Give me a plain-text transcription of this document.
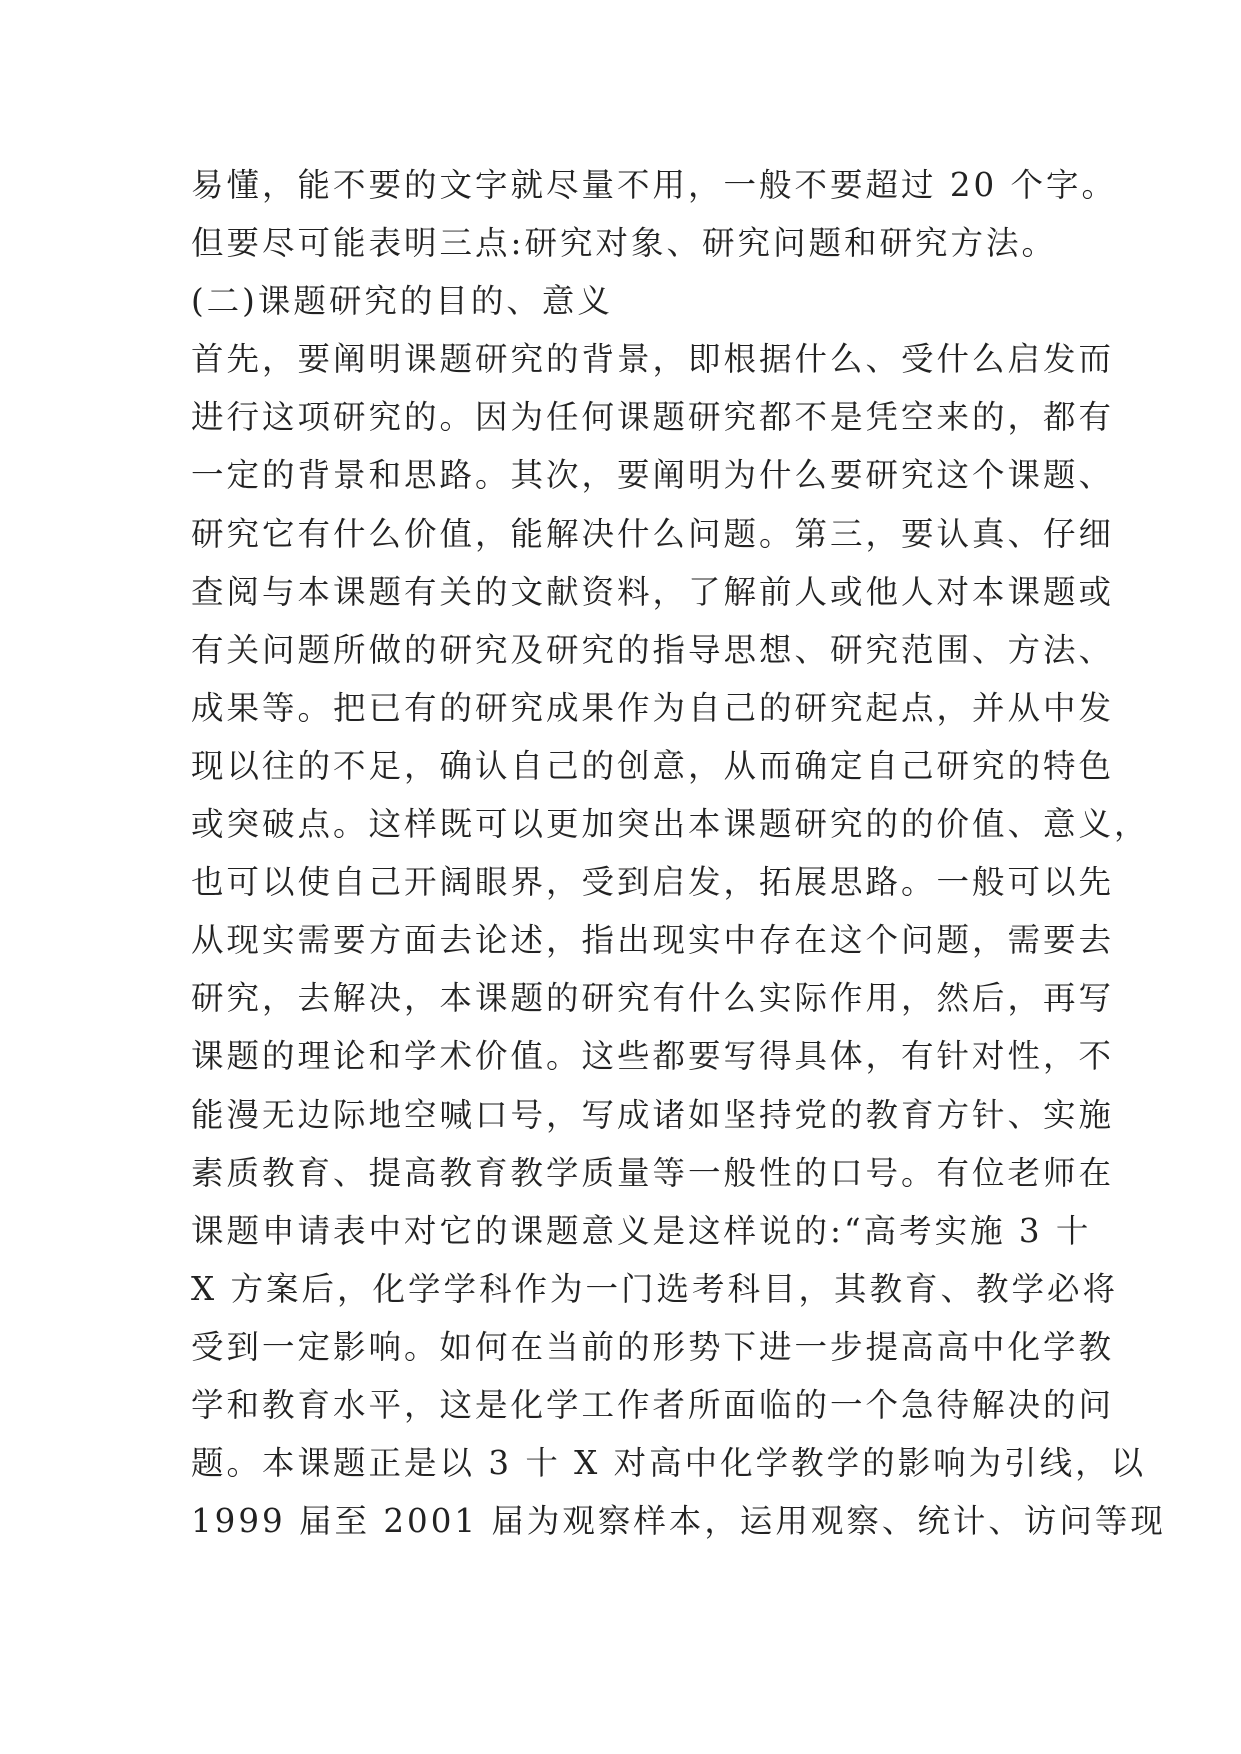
易懂，能不要的文字就尽量不用，一般不要超过 20 个字。
但要尽可能表明三点:研究对象、研究问题和研究方法。
(二)课题研究的目的、意义
首先，要阐明课题研究的背景，即根据什么、受什么启发而
进行这项研究的。因为任何课题研究都不是凭空来的，都有
一定的背景和思路。其次，要阐明为什么要研究这个课题、
研究它有什么价值，能解决什么问题。第三，要认真、仔细
查阅与本课题有关的文献资料，了解前人或他人对本课题或
有关问题所做的研究及研究的指导思想、研究范围、方法、
成果等。把已有的研究成果作为自己的研究起点，并从中发
现以往的不足，确认自己的创意，从而确定自己研究的特色
或突破点。这样既可以更加突出本课题研究的的价值、意义，
也可以使自己开阔眼界，受到启发，拓展思路。一般可以先
从现实需要方面去论述，指出现实中存在这个问题，需要去
研究，去解决，本课题的研究有什么实际作用，然后，再写
课题的理论和学术价值。这些都要写得具体，有针对性，不
能漫无边际地空喊口号，写成诸如坚持党的教育方针、实施
素质教育、提高教育教学质量等一般性的口号。有位老师在
课题申请表中对它的课题意义是这样说的:“高考实施 3 十
X 方案后，化学学科作为一门选考科目，其教育、教学必将
受到一定影响。如何在当前的形势下进一步提高高中化学教
学和教育水平，这是化学工作者所面临的一个急待解决的问
题。本课题正是以 3 十 X 对高中化学教学的影响为引线，以
1999 届至 2001 届为观察样本，运用观察、统计、访问等现
